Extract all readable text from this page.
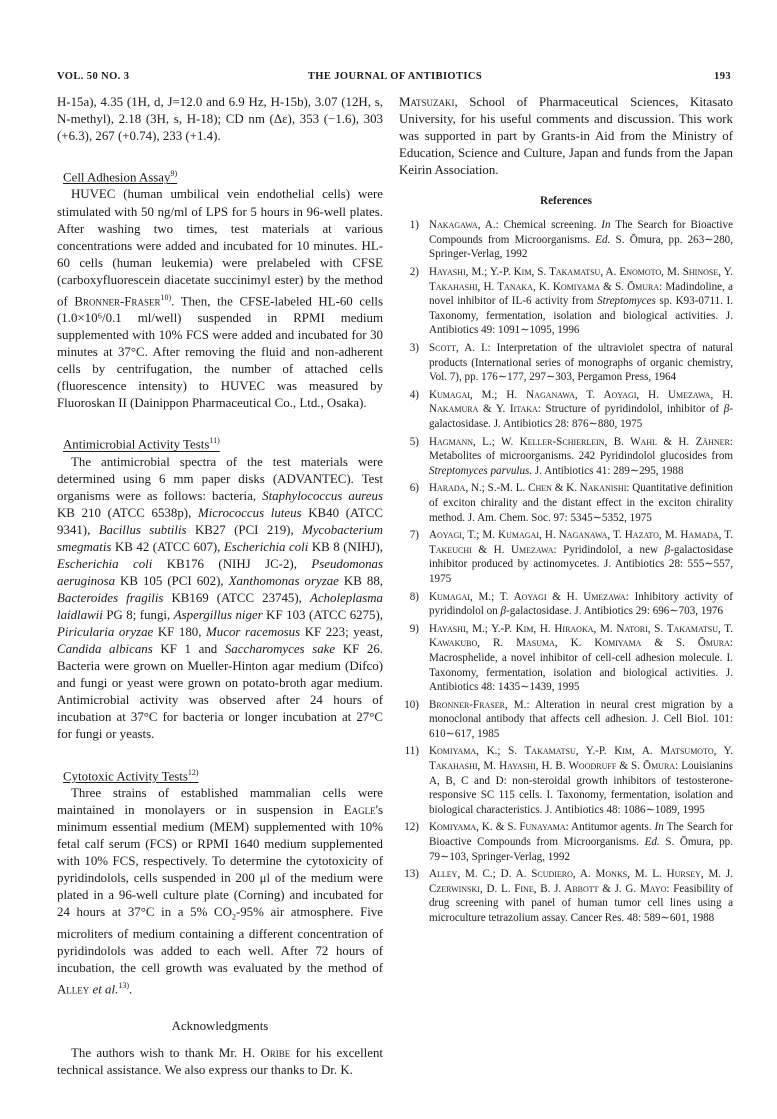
VOL. 50 NO. 3	THE JOURNAL OF ANTIBIOTICS	193

H-15a), 4.35 (1H, d, J=12.0 and 6.9 Hz, H-15b), 3.07 (12H, s, N-methyl), 2.18 (3H, s, H-18); CD nm (Δε), 353 (−1.6), 303 (+6.3), 267 (+0.74), 233 (+1.4).

Cell Adhesion Assay$^{9)}$

HUVEC (human umbilical vein endothelial cells) were stimulated with 50 ng/ml of LPS for 5 hours in 96-well plates. After washing two times, test materials at various concentrations were added and incubated for 10 minutes. HL-60 cells (human leukemia) were prelabeled with CFSE (carboxyfluorescein diacetate succinimyl ester) by the method of Bronner-Fraser$^{10)}$. Then, the CFSE-labeled HL-60 cells (1.0×10⁶/0.1 ml/well) suspended in RPMI medium supplemented with 10% FCS were added and incubated for 30 minutes at 37°C. After removing the fluid and non-adherent cells by centrifugation, the number of attached cells (fluorescence intensity) to HUVEC was measured by Fluoroskan II (Dainippon Pharmaceutical Co., Ltd., Osaka).

Antimicrobial Activity Tests$^{11)}$

The antimicrobial spectra of the test materials were determined using 6 mm paper disks (ADVANTEC). Test organisms were as follows: bacteria, Staphylococcus aureus KB 210 (ATCC 6538p), Micrococcus luteus KB40 (ATCC 9341), Bacillus subtilis KB27 (PCI 219), Mycobacterium smegmatis KB 42 (ATCC 607), Escherichia coli KB 8 (NIHJ), Escherichia coli KB176 (NIHJ JC-2), Pseudomonas aeruginosa KB 105 (PCI 602), Xanthomonas oryzae KB 88, Bacteroides fragilis KB169 (ATCC 23745), Acholeplasma laidlawii PG 8; fungi, Aspergillus niger KF 103 (ATCC 6275), Piricularia oryzae KF 180, Mucor racemosus KF 223; yeast, Candida albicans KF 1 and Saccharomyces sake KF 26. Bacteria were grown on Mueller-Hinton agar medium (Difco) and fungi or yeast were grown on potato-broth agar medium. Antimicrobial activity was observed after 24 hours of incubation at 37°C for bacteria or longer incubation at 27°C for fungi or yeasts.

Cytotoxic Activity Tests$^{12)}$

Three strains of established mammalian cells were maintained in monolayers or in suspension in Eagle's minimum essential medium (MEM) supplemented with 10% fetal calf serum (FCS) or RPMI 1640 medium supplemented with 10% FCS, respectively. To determine the cytotoxicity of pyridindolols, cells suspended in 200 μl of the medium were plated in a 96-well culture plate (Corning) and incubated for 24 hours at 37°C in a 5% $CO_2-95\%$ air atmosphere. Five microliters of medium containing a different concentration of pyridindolols was added to each well. After 72 hours of incubation, the cell growth was evaluated by the method of Alley et al.$^{13)}$.

Acknowledgments

The authors wish to thank Mr. H. Oribe for his excellent technical assistance. We also express our thanks to Dr. K.

Matsuzaki, School of Pharmaceutical Sciences, Kitasato University, for his useful comments and discussion. This work was supported in part by Grants-in Aid from the Ministry of Education, Science and Culture, Japan and funds from the Japan Keirin Association.

References
1) Nakagawa, A.: Chemical screening. In The Search for Bioactive Compounds from Microorganisms. Ed. S. Ōmura, pp. 263∼280, Springer-Verlag, 1992
2) Hayashi, M.; Y.-P. Kim, S. Takamatsu, A. Enomoto, M. Shinose, Y. Takahashi, H. Tanaka, K. Komiyama & S. Ōmura: Madindoline, a novel inhibitor of IL-6 activity from Streptomyces sp. K93-0711. I. Taxonomy, fermentation, isolation and biological activities. J. Antibiotics 49: 1091∼1095, 1996
3) Scott, A. I.: Interpretation of the ultraviolet spectra of natural products (International series of monographs of organic chemistry, Vol. 7), pp. 176∼177, 297∼303, Pergamon Press, 1964
4) Kumagai, M.; H. Naganawa, T. Aoyagi, H. Umezawa, H. Nakamura & Y. Iitaka: Structure of pyridindolol, inhibitor of β-galactosidase. J. Antibiotics 28: 876∼880, 1975
5) Hagmann, L.; W. Keller-Schierlein, B. Wahl & H. Zähner: Metabolites of microorganisms. 242 Pyridindolol glucosides from Streptomyces parvulus. J. Antibiotics 41: 289∼295, 1988
6) Harada, N.; S.-M. L. Chen & K. Nakanishi: Quantitative definition of exciton chirality and the distant effect in the exciton chirality method. J. Am. Chem. Soc. 97: 5345∼5352, 1975
7) Aoyagi, T.; M. Kumagai, H. Naganawa, T. Hazato, M. Hamada, T. Takeuchi & H. Umezawa: Pyridindolol, a new β-galactosidase inhibitor produced by actinomycetes. J. Antibiotics 28: 555∼557, 1975
8) Kumagai, M.; T. Aoyagi & H. Umezawa: Inhibitory activity of pyridindolol on β-galactosidase. J. Antibiotics 29: 696∼703, 1976
9) Hayashi, M.; Y.-P. Kim, H. Hiraoka, M. Natori, S. Takamatsu, T. Kawakubo, R. Masuma, K. Komiyama & S. Ōmura: Macrosphelide, a novel inhibitor of cell-cell adhesion molecule. I. Taxonomy, fermentation, isolation and biological activities. J. Antibiotics 48: 1435∼1439, 1995
10) Bronner-Fraser, M.: Alteration in neural crest migration by a monoclonal antibody that affects cell adhesion. J. Cell Biol. 101: 610∼617, 1985
11) Komiyama, K.; S. Takamatsu, Y.-P. Kim, A. Matsumoto, Y. Takahashi, M. Hayashi, H. B. Woodruff & S. Ōmura: Louisianins A, B, C and D: non-steroidal growth inhibitors of testosterone-responsive SC 115 cells. I. Taxonomy, fermentation, isolation and biological characteristics. J. Antibiotics 48: 1086∼1089, 1995
12) Komiyama, K. & S. Funayama: Antitumor agents. In The Search for Bioactive Compounds from Microorganisms. Ed. S. Ōmura, pp. 79∼103, Springer-Verlag, 1992
13) Alley, M. C.; D. A. Scudiero, A. Monks, M. L. Hursey, M. J. Czerwinski, D. L. Fine, B. J. Abbott & J. G. Mayo: Feasibility of drug screening with panel of human tumor cell lines using a microculture tetrazolium assay. Cancer Res. 48: 589∼601, 1988
